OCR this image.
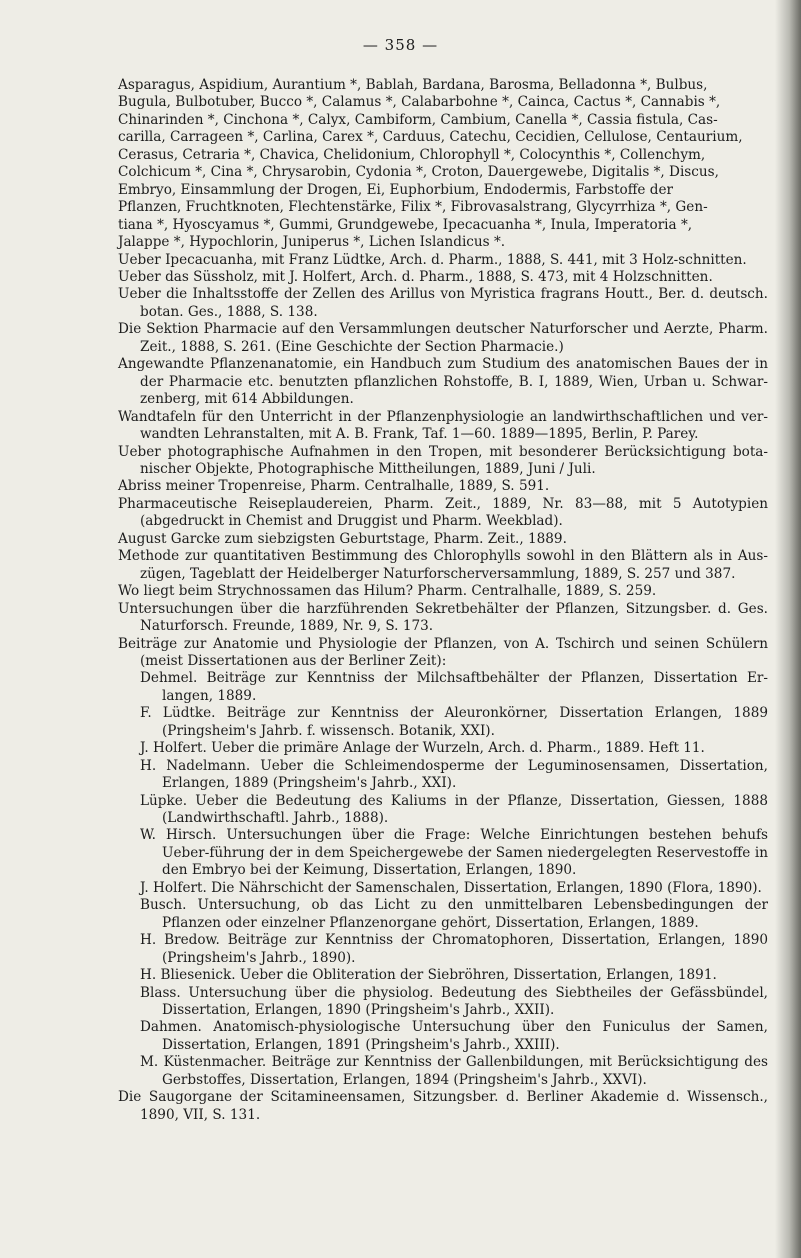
— 358 —

Asparagus, Aspidium, Aurantium *, Bablah, Bardana, Barosma, Belladonna *, Bulbus,

Bugula, Bulbotuber, Bucco *, Calamus *, Calabarbohne *, Cainca, Cactus *, Cannabis *,

Chinarinden *, Cinchona *, Calyx, Cambiform, Cambium, Canella *, Cassia fistula, Cas-

carilla, Carrageen *, Carlina, Carex *, Carduus, Catechu, Cecidien, Cellulose, Centaurium,

Cerasus, Cetraria *, Chavica, Chelidonium, Chlorophyll *, Colocynthis *, Collenchym,

Colchicum *, Cina *, Chrysarobin, Cydonia *, Croton, Dauergewebe, Digitalis *, Discus,

Embryo, Einsammlung der Drogen, Ei, Euphorbium, Endodermis, Farbstoffe der

Pflanzen, Fruchtknoten, Flechtenstärke, Filix *, Fibrovasalstrang, Glycyrrhiza *, Gen-

tiana *, Hyoscyamus *, Gummi, Grundgewebe, Ipecacuanha *, Inula, Imperatoria *,

Jalappe *, Hypochlorin, Juniperus *, Lichen Islandicus *.

Ueber Ipecacuanha, mit Franz Lüdtke, Arch. d. Pharm., 1888, S. 441, mit 3 Holz-schnitten.

Ueber das Süssholz, mit J. Holfert, Arch. d. Pharm., 1888, S. 473, mit 4 Holzschnitten.

Ueber die Inhaltsstoffe der Zellen des Arillus von Myristica fragrans Houtt., Ber. d. deutsch. botan. Ges., 1888, S. 138.

Die Sektion Pharmacie auf den Versammlungen deutscher Naturforscher und Aerzte, Pharm. Zeit., 1888, S. 261. (Eine Geschichte der Section Pharmacie.)

Angewandte Pflanzenanatomie, ein Handbuch zum Studium des anatomischen Baues der in der Pharmacie etc. benutzten pflanzlichen Rohstoffe, B. I, 1889, Wien, Urban u. Schwar-zenberg, mit 614 Abbildungen.

Wandtafeln für den Unterricht in der Pflanzenphysiologie an landwirthschaftlichen und ver-wandten Lehranstalten, mit A. B. Frank, Taf. 1—60. 1889—1895, Berlin, P. Parey.

Ueber photographische Aufnahmen in den Tropen, mit besonderer Berücksichtigung bota-nischer Objekte, Photographische Mittheilungen, 1889, Juni / Juli.

Abriss meiner Tropenreise, Pharm. Centralhalle, 1889, S. 591.

Pharmaceutische Reiseplaudereien, Pharm. Zeit., 1889, Nr. 83—88, mit 5 Autotypien (abgedruckt in Chemist and Druggist und Pharm. Weekblad).

August Garcke zum siebzigsten Geburtstage, Pharm. Zeit., 1889.

Methode zur quantitativen Bestimmung des Chlorophylls sowohl in den Blättern als in Aus-zügen, Tageblatt der Heidelberger Naturforscherversammlung, 1889, S. 257 und 387.

Wo liegt beim Strychnossamen das Hilum? Pharm. Centralhalle, 1889, S. 259.

Untersuchungen über die harzführenden Sekretbehälter der Pflanzen, Sitzungsber. d. Ges. Naturforsch. Freunde, 1889, Nr. 9, S. 173.

Beiträge zur Anatomie und Physiologie der Pflanzen, von A. Tschirch und seinen Schülern (meist Dissertationen aus der Berliner Zeit):

Dehmel. Beiträge zur Kenntniss der Milchsaftbehälter der Pflanzen, Dissertation Er-langen, 1889.

F. Lüdtke. Beiträge zur Kenntniss der Aleuronkörner, Dissertation Erlangen, 1889 (Pringsheim's Jahrb. f. wissensch. Botanik, XXI).

J. Holfert. Ueber die primäre Anlage der Wurzeln, Arch. d. Pharm., 1889. Heft 11.

H. Nadelmann. Ueber die Schleimendosperme der Leguminosensamen, Dissertation, Erlangen, 1889 (Pringsheim's Jahrb., XXI).

Lüpke. Ueber die Bedeutung des Kaliums in der Pflanze, Dissertation, Giessen, 1888 (Landwirthschaftl. Jahrb., 1888).

W. Hirsch. Untersuchungen über die Frage: Welche Einrichtungen bestehen behufs Ueber-führung der in dem Speichergewebe der Samen niedergelegten Reservestoffe in den Embryo bei der Keimung, Dissertation, Erlangen, 1890.

J. Holfert. Die Nährschicht der Samenschalen, Dissertation, Erlangen, 1890 (Flora, 1890).

Busch. Untersuchung, ob das Licht zu den unmittelbaren Lebensbedingungen der Pflanzen oder einzelner Pflanzenorgane gehört, Dissertation, Erlangen, 1889.

H. Bredow. Beiträge zur Kenntniss der Chromatophoren, Dissertation, Erlangen, 1890 (Pringsheim's Jahrb., 1890).

H. Bliesenick. Ueber die Obliteration der Siebröhren, Dissertation, Erlangen, 1891.

Blass. Untersuchung über die physiolog. Bedeutung des Siebtheiles der Gefässbündel, Dissertation, Erlangen, 1890 (Pringsheim's Jahrb., XXII).

Dahmen. Anatomisch-physiologische Untersuchung über den Funiculus der Samen, Dissertation, Erlangen, 1891 (Pringsheim's Jahrb., XXIII).

M. Küstenmacher. Beiträge zur Kenntniss der Gallenbildungen, mit Berücksichtigung des Gerbstoffes, Dissertation, Erlangen, 1894 (Pringsheim's Jahrb., XXVI).

Die Saugorgane der Scitamineensamen, Sitzungsber. d. Berliner Akademie d. Wissensch., 1890, VII, S. 131.
